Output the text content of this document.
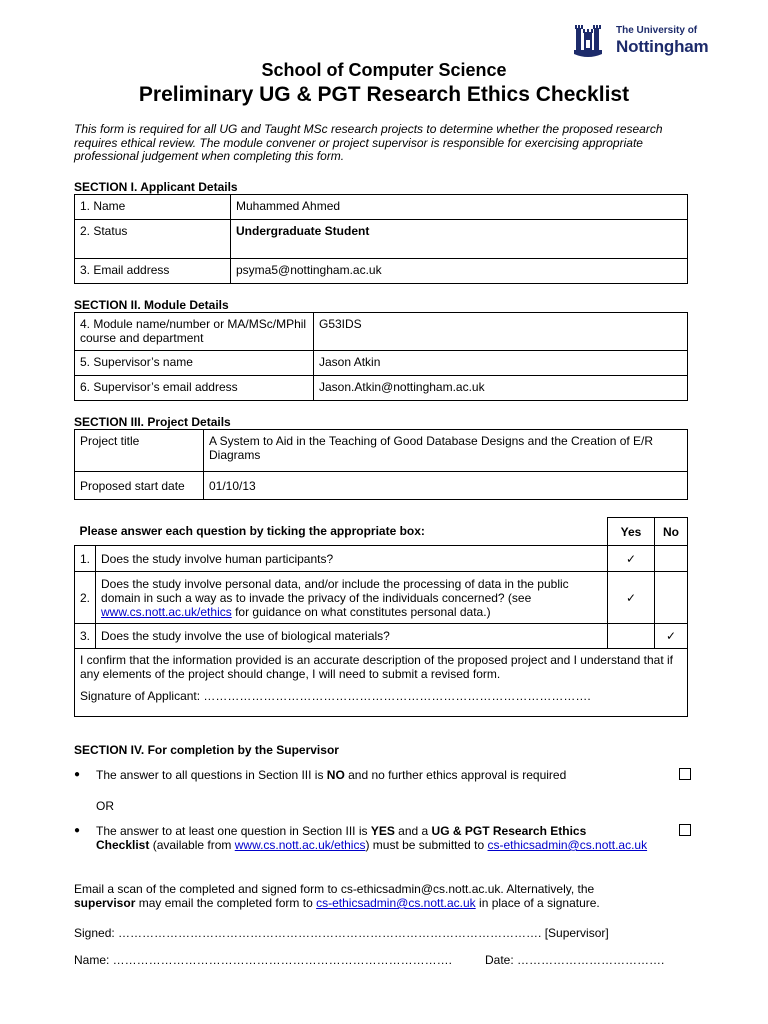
The University of
Nottingham
School of Computer Science
Preliminary UG & PGT Research Ethics Checklist
This form is required for all UG and Taught MSc research projects to determine whether the proposed research requires ethical review. The module convener or project supervisor is responsible for exercising appropriate professional judgement when completing this form.
SECTION I. Applicant Details
1. Name	Muhammed Ahmed
2. Status	Undergraduate Student
3. Email address	psyma5@nottingham.ac.uk
SECTION II. Module Details
4. Module name/number or MA/MSc/MPhil course and department	G53IDS
5. Supervisor’s name	Jason Atkin
6. Supervisor’s email address	Jason.Atkin@nottingham.ac.uk
SECTION III. Project Details
Project title	A System to Aid in the Teaching of Good Database Designs and the Creation of E/R Diagrams
Proposed start date	01/10/13
Please answer each question by ticking the appropriate box:		Yes	No
1.	Does the study involve human participants?	✓	
2.	Does the study involve personal data, and/or include the processing of data in the public domain in such a way as to invade the privacy of the individuals concerned? (see www.cs.nott.ac.uk/ethics for guidance on what constitutes personal data.)	✓	
3.	Does the study involve the use of biological materials?		✓

I confirm that the information provided is an accurate description of the proposed project and I understand that if any elements of the project should change, I will need to submit a revised form.
Signature of Applicant: …………………………………………………………………………………….			
SECTION IV. For completion by the Supervisor
● The answer to all questions in Section III is NO and no further ethics approval is required
OR
● The answer to at least one question in Section III is YES and a UG & PGT Research Ethics
Checklist (available from www.cs.nott.ac.uk/ethics) must be submitted to cs-ethicsadmin@cs.nott.ac.uk
Email a scan of the completed and signed form to cs-ethicsadmin@cs.nott.ac.uk. Alternatively, the
supervisor may email the completed form to cs-ethicsadmin@cs.nott.ac.uk in place of a signature.
Signed: ……………………………………………………………………………………………. [Supervisor]
Name: ………………………………………………………………………….	Date: ……………………………….
